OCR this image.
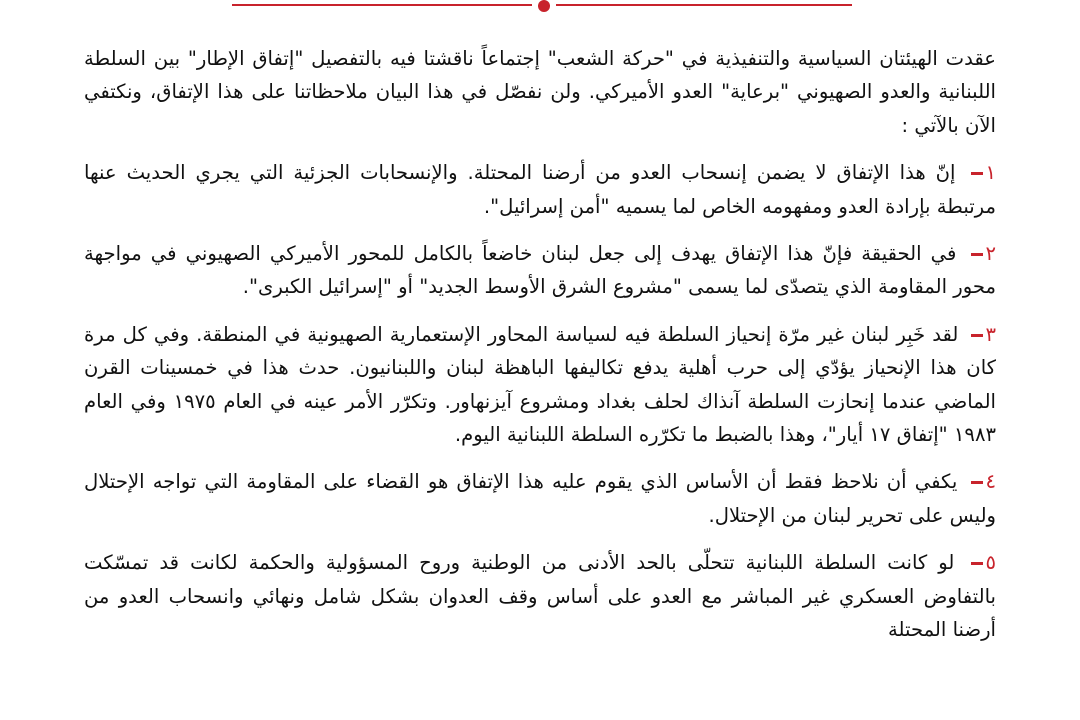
عقدت الهيئتان السياسية والتنفيذية في "حركة الشعب" إجتماعاً ناقشتا فيه بالتفصيل "إتفاق الإطار" بين السلطة اللبنانية والعدو الصهيوني "برعاية" العدو الأميركي. ولن نفصّل في هذا البيان ملاحظاتنا على هذا الإتفاق، ونكتفي الآن بالآتي :

١ إنّ هذا الإتفاق لا يضمن إنسحاب العدو من أرضنا المحتلة. والإنسحابات الجزئية التي يجري الحديث عنها مرتبطة بإرادة العدو ومفهومه الخاص لما يسميه "أمن إسرائيل".

٢ في الحقيقة فإنّ هذا الإتفاق يهدف إلى جعل لبنان خاضعاً بالكامل للمحور الأميركي الصهيوني في مواجهة محور المقاومة الذي يتصدّى لما يسمى "مشروع الشرق الأوسط الجديد" أو "إسرائيل الكبرى".

٣ لقد خَبِر لبنان غير مرّة إنحياز السلطة فيه لسياسة المحاور الإستعمارية الصهيونية في المنطقة. وفي كل مرة كان هذا الإنحياز يؤدّي إلى حرب أهلية يدفع تكاليفها الباهظة لبنان واللبنانيون. حدث هذا في خمسينات القرن الماضي عندما إنحازت السلطة آنذاك لحلف بغداد ومشروع آيزنهاور. وتكرّر الأمر عينه في العام ١٩٧٥ وفي العام ١٩٨٣ "إتفاق ١٧ أيار"، وهذا بالضبط ما تكرّره السلطة اللبنانية اليوم.

٤ يكفي أن نلاحظ فقط أن الأساس الذي يقوم عليه هذا الإتفاق هو القضاء على المقاومة التي تواجه الإحتلال وليس على تحرير لبنان من الإحتلال.

٥ لو كانت السلطة اللبنانية تتحلّى بالحد الأدنى من الوطنية وروح المسؤولية والحكمة لكانت قد تمسّكت بالتفاوض العسكري غير المباشر مع العدو على أساس وقف العدوان بشكل شامل ونهائي وانسحاب العدو من أرضنا المحتلة
